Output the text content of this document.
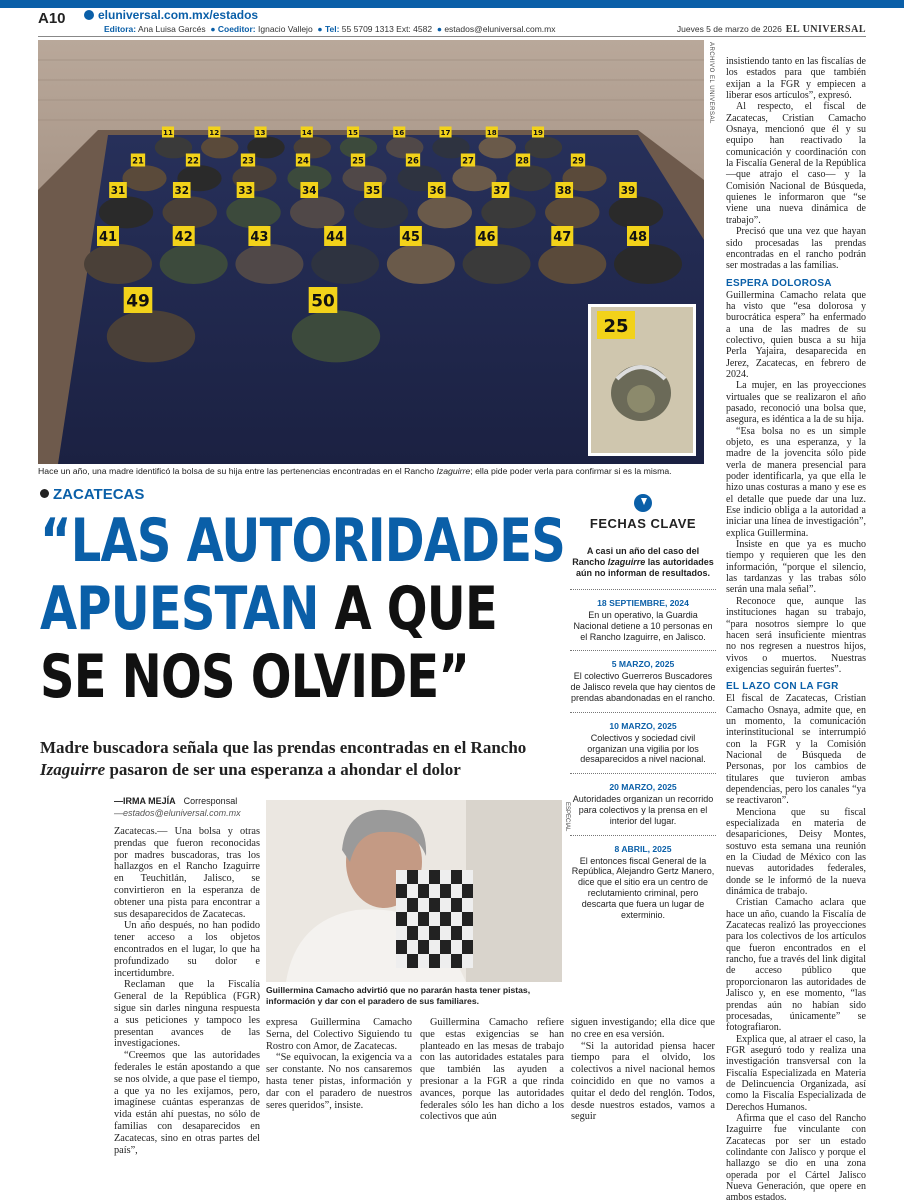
A10	eluniversal.com.mx/estados
Editora: Ana Luisa Garcés ● Coeditor: Ignacio Vallejo ● Tel: 55 5709 1313 Ext: 4582 ● estados@eluniversal.com.mx	Jueves 5 de marzo de 2026 EL UNIVERSAL
11	12	13	14	15	16	17	18	19
21	22	23	24	25	26	27	28	29
31	32	33	34	35	36	37	38	39
41	42	43	44	45	46	47	48
49	50
25
ARCHIVO EL UNIVERSAL
Hace un año, una madre identificó la bolsa de su hija entre las pertenencias encontradas en el Rancho Izaguirre; ella pide poder verla para confirmar si es la misma.
ZACATECAS
“LAS AUTORIDADES
APUESTAN A QUE
SE NOS OLVIDE”
Madre buscadora señala que las prendas encontradas en el Rancho Izaguirre pasaron de ser una esperanza a ahondar el dolor
—IRMA MEJÍA Corresponsal
—estados@eluniversal.com.mx

Zacatecas.— Una bolsa y otras prendas que fueron reconocidas por madres buscadoras, tras los hallazgos en el Rancho Izaguirre en Teuchitlán, Jalisco, se convirtieron en la esperanza de obtener una pista para encontrar a sus desaparecidos de Zacatecas.

Un año después, no han podido tener acceso a los objetos encontrados en el lugar, lo que ha profundizado su dolor e incertidumbre.

Reclaman que la Fiscalía General de la República (FGR) sigue sin darles ninguna respuesta a sus peticiones y tampoco les presentan avances de las investigaciones.

“Creemos que las autoridades federales le están apostando a que se nos olvide, a que pase el tiempo, a que ya no les exijamos, pero, imagínese cuántas esperanzas de vida están ahí puestas, no sólo de familias con desaparecidos en Zacatecas, sino en otras partes del país”,

ESPECIAL
Guillermina Camacho advirtió que no pararán hasta tener pistas, información y dar con el paradero de sus familiares.

expresa Guillermina Camacho Serna, del Colectivo Siguiendo tu Rostro con Amor, de Zacatecas.

“Se equivocan, la exigencia va a ser constante. No nos cansaremos hasta tener pistas, información y dar con el paradero de nuestros seres queridos”, insiste.

Guillermina Camacho refiere que estas exigencias se han planteado en las mesas de trabajo con las autoridades estatales para que también las ayuden a presionar a la FGR a que rinda avances, porque las autoridades federales sólo les han dicho a los colectivos que aún

siguen investigando; ella dice que no cree en esa versión.

“Si la autoridad piensa hacer tiempo para el olvido, los colectivos a nivel nacional hemos coincidido en que no vamos a quitar el dedo del renglón. Todos, desde nuestros estados, vamos a seguir

FECHAS CLAVE
A casi un año del caso del Rancho Izaguirre las autoridades aún no informan de resultados.
18 SEPTIEMBRE, 2024
En un operativo, la Guardia Nacional detiene a 10 personas en el Rancho Izaguirre, en Jalisco.
5 MARZO, 2025
El colectivo Guerreros Buscadores de Jalisco revela que hay cientos de prendas abandonadas en el rancho.
10 MARZO, 2025
Colectivos y sociedad civil organizan una vigilia por los desaparecidos a nivel nacional.
20 MARZO, 2025
Autoridades organizan un recorrido para colectivos y la prensa en el interior del lugar.
8 ABRIL, 2025
El entonces fiscal General de la República, Alejandro Gertz Manero, dice que el sitio era un centro de reclutamiento criminal, pero descarta que fuera un lugar de exterminio.

insistiendo tanto en las fiscalías de los estados para que también exijan a la FGR y empiecen a liberar esos artículos”, expresó.

Al respecto, el fiscal de Zacatecas, Cristian Camacho Osnaya, mencionó que él y su equipo han reactivado la comunicación y coordinación con la Fiscalía General de la República —que atrajo el caso— y la Comisión Nacional de Búsqueda, quienes le informaron que “se viene una nueva dinámica de trabajo”.

Precisó que una vez que hayan sido procesadas las prendas encontradas en el rancho podrán ser mostradas a las familias.

ESPERA DOLOROSA

Guillermina Camacho relata que ha visto que “esa dolorosa y burocrática espera” ha enfermado a una de las madres de su colectivo, quien busca a su hija Perla Yajaira, desaparecida en Jerez, Zacatecas, en febrero de 2024.

La mujer, en las proyecciones virtuales que se realizaron el año pasado, reconoció una bolsa que, asegura, es idéntica a la de su hija.

“Esa bolsa no es un simple objeto, es una esperanza, y la madre de la jovencita sólo pide verla de manera presencial para poder identificarla, ya que ella le hizo unas costuras a mano y ese es el detalle que puede dar una luz. Ese indicio obliga a la autoridad a iniciar una línea de investigación”, explica Guillermina.

Insiste en que ya es mucho tiempo y requieren que les den información, “porque el silencio, las tardanzas y las trabas sólo serán una mala señal”.

Reconoce que, aunque las instituciones hagan su trabajo, “para nosotros siempre lo que hacen será insuficiente mientras no nos regresen a nuestros hijos, vivos o muertos. Nuestras exigencias seguirán fuertes”.

EL LAZO CON LA FGR

El fiscal de Zacatecas, Cristian Camacho Osnaya, admite que, en un momento, la comunicación interinstitucional se interrumpió con la FGR y la Comisión Nacional de Búsqueda de Personas, por los cambios de titulares que tuvieron ambas dependencias, pero los canales “ya se reactivaron”.

Menciona que su fiscal especializada en materia de desapariciones, Deisy Montes, sostuvo esta semana una reunión en la Ciudad de México con las nuevas autoridades federales, donde se le informó de la nueva dinámica de trabajo.

Cristian Camacho aclara que hace un año, cuando la Fiscalía de Zacatecas realizó las proyecciones para los colectivos de los artículos que fueron encontrados en el rancho, fue a través del link digital de acceso público que proporcionaron las autoridades de Jalisco y, en ese momento, “las prendas aún no habían sido procesadas, únicamente” se fotografiaron.

Explica que, al atraer el caso, la FGR aseguró todo y realiza una investigación transversal con la Fiscalía Especializada en Materia de Delincuencia Organizada, así como la Fiscalía Especializada de Derechos Humanos.

Afirma que el caso del Rancho Izaguirre fue vinculante con Zacatecas por ser un estado colindante con Jalisco y porque el hallazgo se dio en una zona operada por el Cártel Jalisco Nueva Generación, que opere en ambos estados.
